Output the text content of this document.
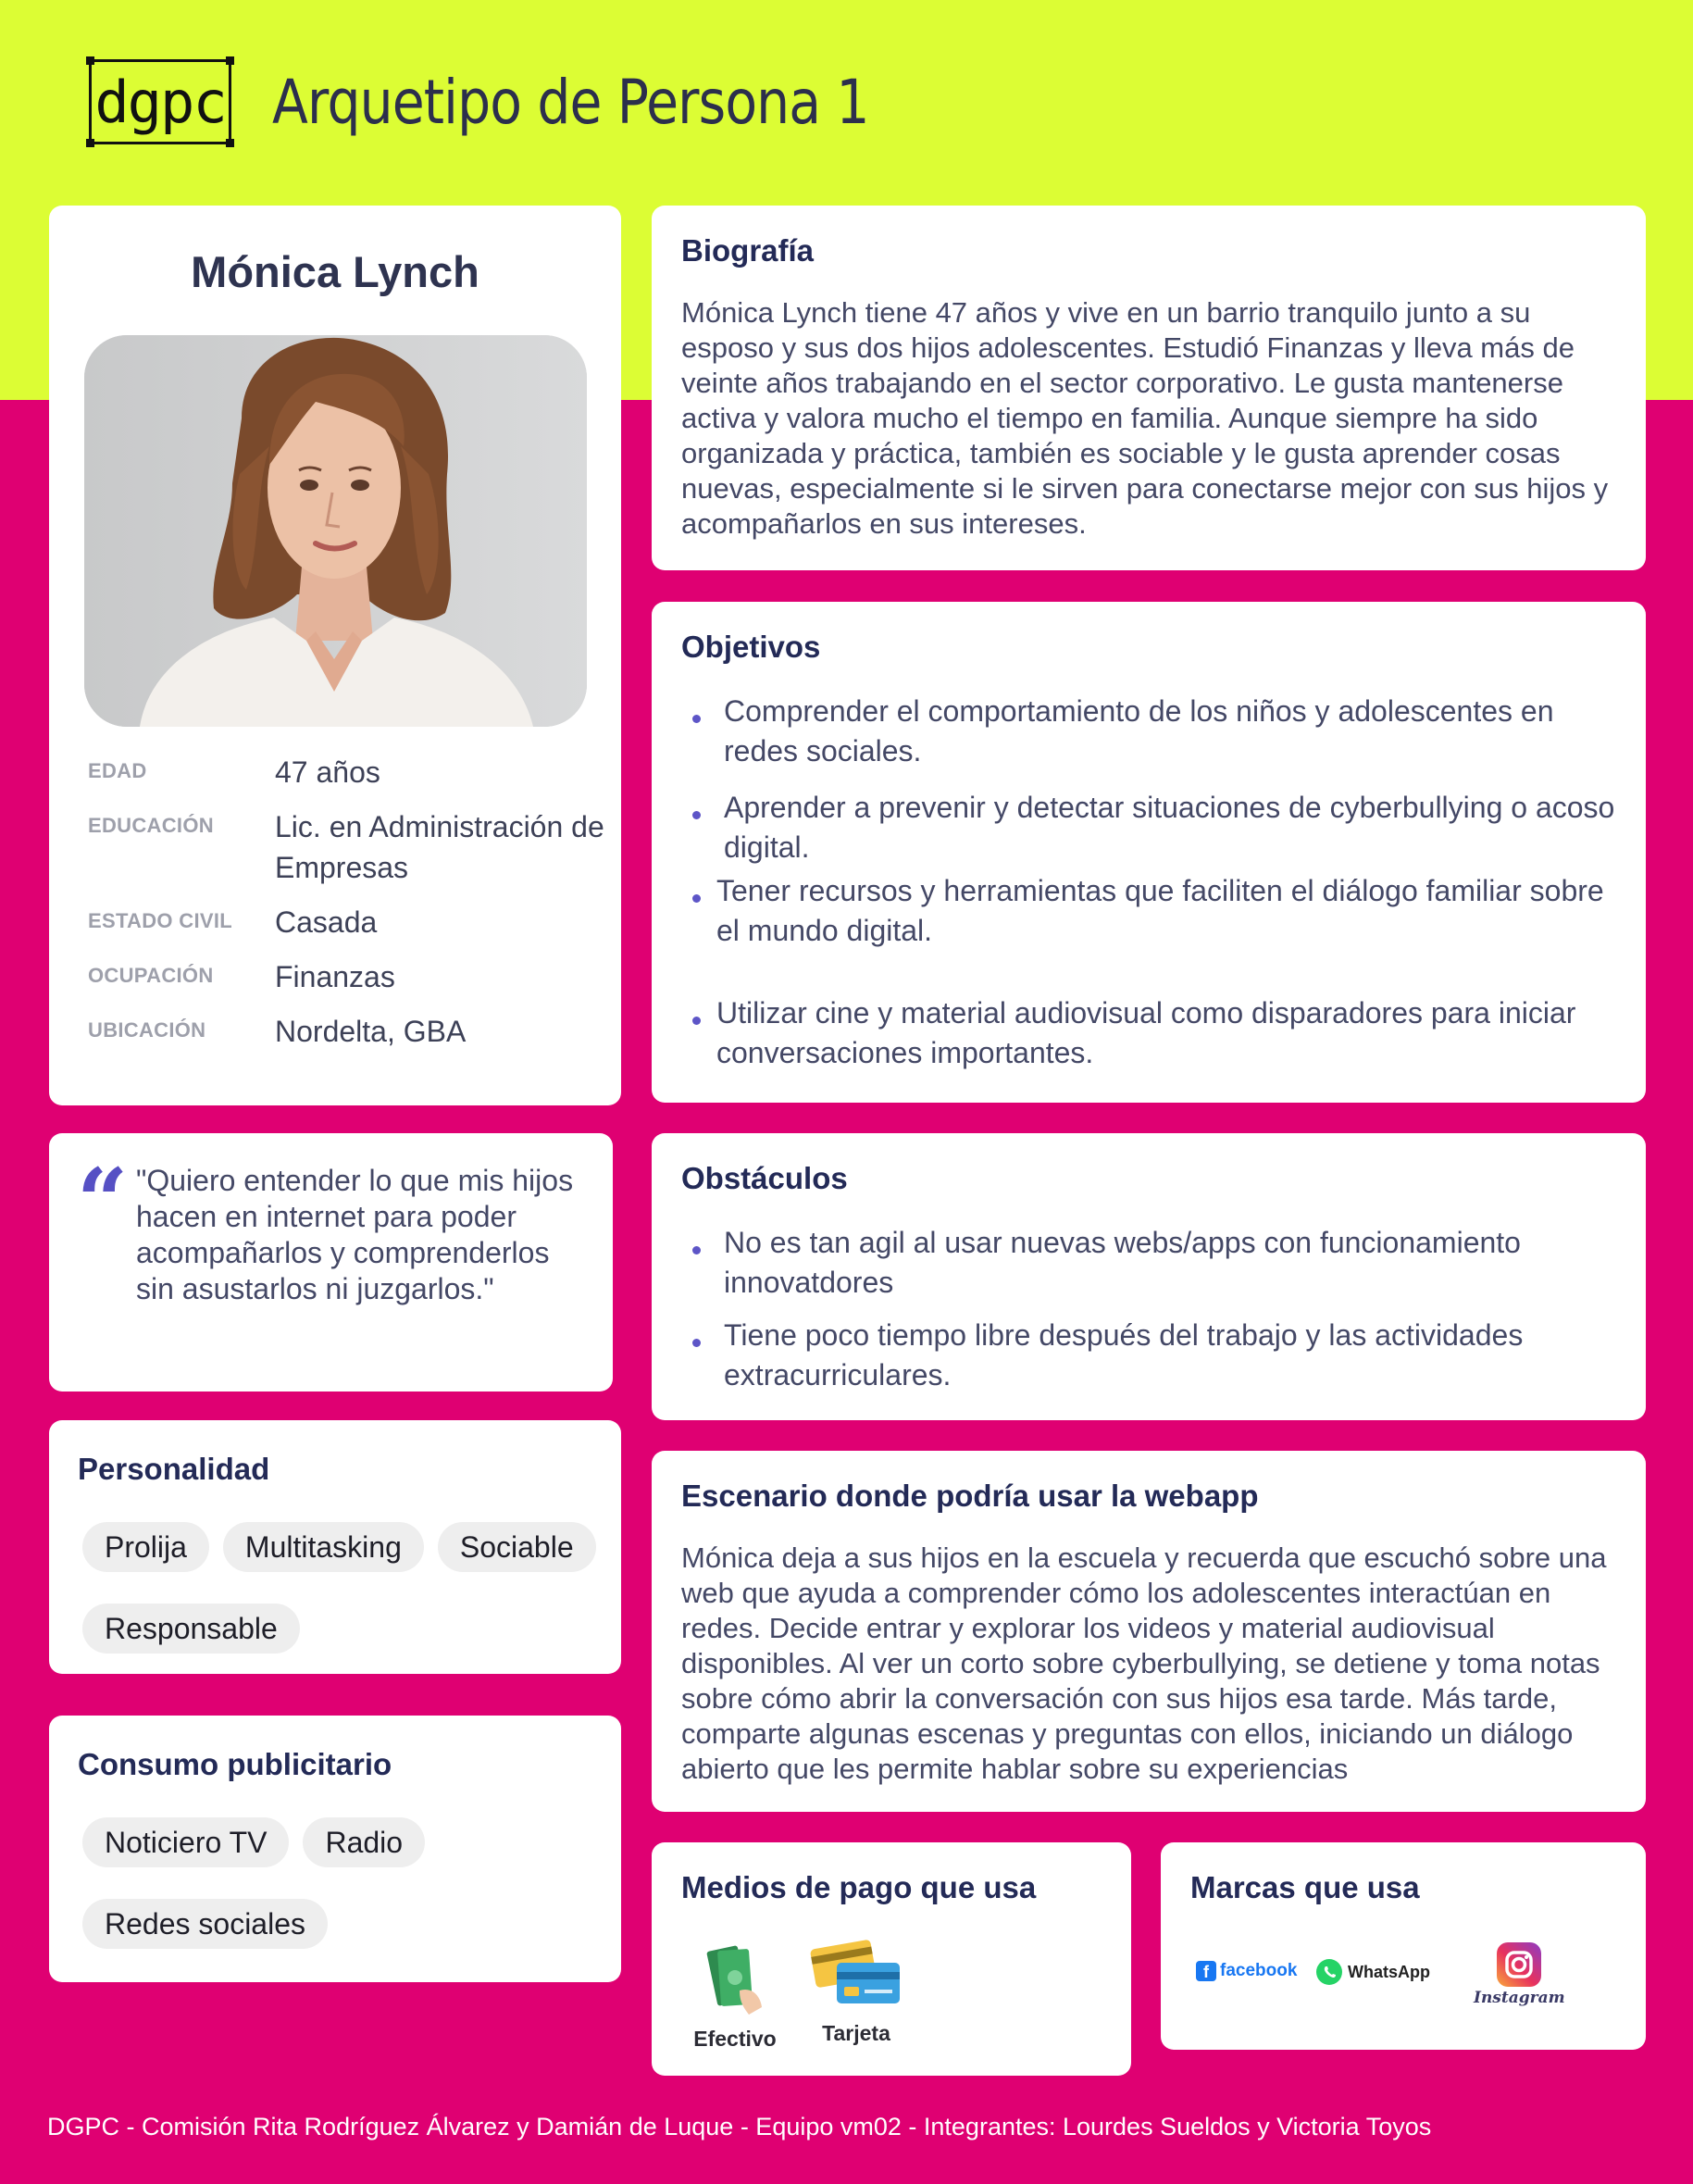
dgpc Arquetipo de Persona 1
Mónica Lynch
EDAD	47 años
EDUCACIÓN	Lic. en Administración de Empresas
ESTADO CIVIL	Casada
OCUPACIÓN	Finanzas
UBICACIÓN	Nordelta, GBA
“ "Quiero entender lo que mis hijos hacen en internet para poder acompañarlos y comprenderlos sin asustarlos ni juzgarlos."
Personalidad
Prolija	Multitasking	Sociable
Responsable
Consumo publicitario
Noticiero TV	Radio
Redes sociales
Biografía
Mónica Lynch tiene 47 años y vive en un barrio tranquilo junto a su esposo y sus dos hijos adolescentes. Estudió Finanzas y lleva más de veinte años trabajando en el sector corporativo. Le gusta mantenerse activa y valora mucho el tiempo en familia. Aunque siempre ha sido organizada y práctica, también es sociable y le gusta aprender cosas nuevas, especialmente si le sirven para conectarse mejor con sus hijos y acompañarlos en sus intereses.
Objetivos
Comprender el comportamiento de los niños y adolescentes en redes sociales.
Aprender a prevenir y detectar situaciones de cyberbullying o acoso digital.
Tener recursos y herramientas que faciliten el diálogo familiar sobre el mundo digital.
Utilizar cine y material audiovisual como disparadores para iniciar conversaciones importantes.
Obstáculos
No es tan agil al usar nuevas webs/apps con funcionamiento innovatdores
Tiene poco tiempo libre después del trabajo y las actividades extracurriculares.
Escenario donde podría usar la webapp
Mónica deja a sus hijos en la escuela y recuerda que escuchó sobre una web que ayuda a comprender cómo los adolescentes interactúan en redes. Decide entrar y explorar los videos y material audiovisual disponibles. Al ver un corto sobre cyberbullying, se detiene y toma notas sobre cómo abrir la conversación con sus hijos esa tarde. Más tarde, comparte algunas escenas y preguntas con ellos, iniciando un diálogo abierto que les permite hablar sobre su experiencias
Medios de pago que usa
Efectivo	Tarjeta
Marcas que usa
f facebook	WhatsApp
Instagram
DGPC - Comisión Rita Rodríguez Álvarez y Damián de Luque - Equipo vm02 - Integrantes: Lourdes Sueldos y Victoria Toyos
